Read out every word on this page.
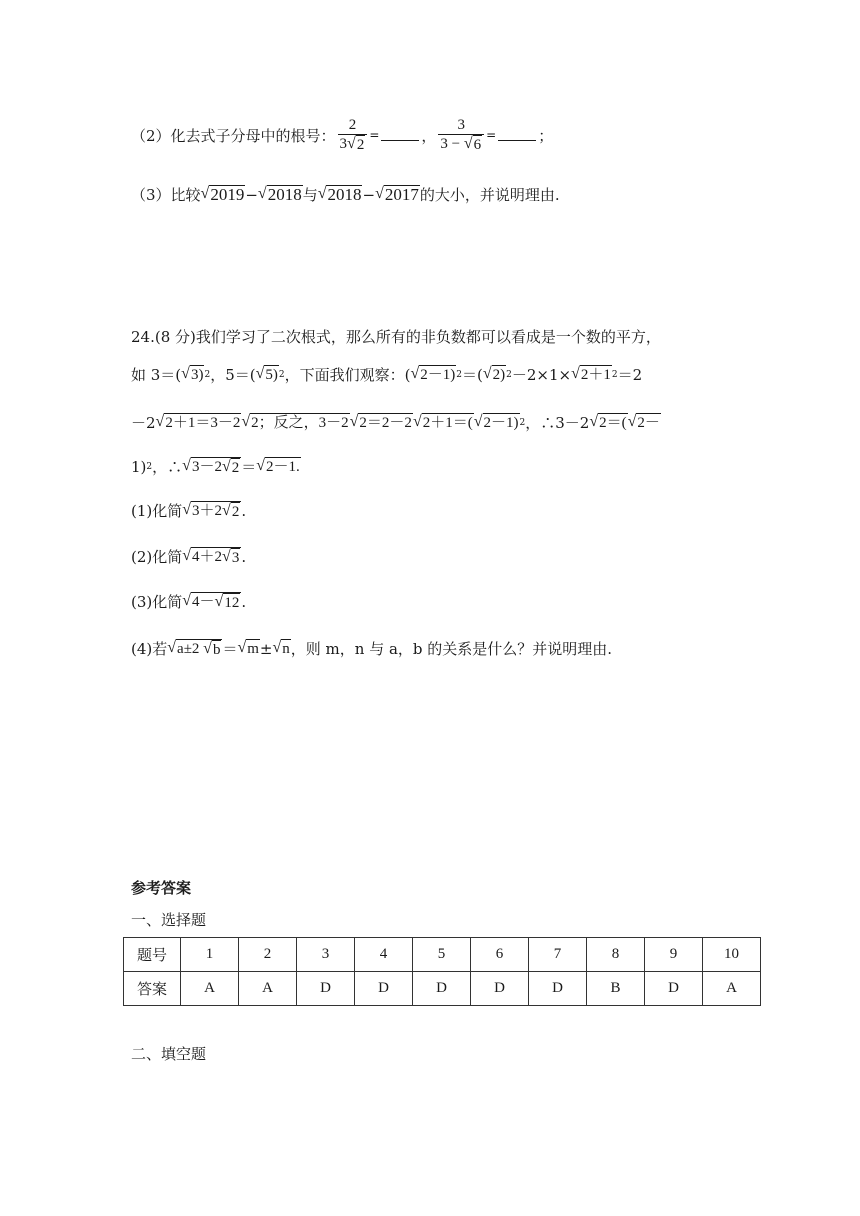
（2）化去式子分母中的根号： $\frac{2}{3 √ 2}$ =	， $\frac{3}{3 - √ 6}$ =	；
（3）比较 √ 2019 − √ 2018 与 √ 2018 − √ 2017 的大小，并说明理由.
24.(8 分)我们学习了二次根式，那么所有的非负数都可以看成是一个数的平方，
如 3＝( √ 3) 2 ，5＝( √ 5) 2 ，下面我们观察：( √ 2－1) 2 ＝( √ 2) 2 －2×1× √ 2＋1 2 ＝2
－2 √ 2＋1＝3－2 √ 2；反之，3－2 √ 2＝2－2 √ 2＋1＝( √ 2－1) 2 ，∴3－2 √ 2＝( √ 2－
1) 2 ，∴ √ 3－2 √ 2 ＝ √ 2－1.
(1)化简 √ 3＋2 √ 2 .
(2)化简 √ 4＋2 √ 3 .
(3)化简 √ 4－ √ 12 .
(4)若 √ a±2 √ b ＝ √ m ± √ n ，则 m，n 与 a，b 的关系是什么？并说明理由.
参考答案
一、选择题
题号	1	2	3	4	5	6	7	8	9	10
答案	A	A	D	D	D	D	D	B	D	A
二、填空题
